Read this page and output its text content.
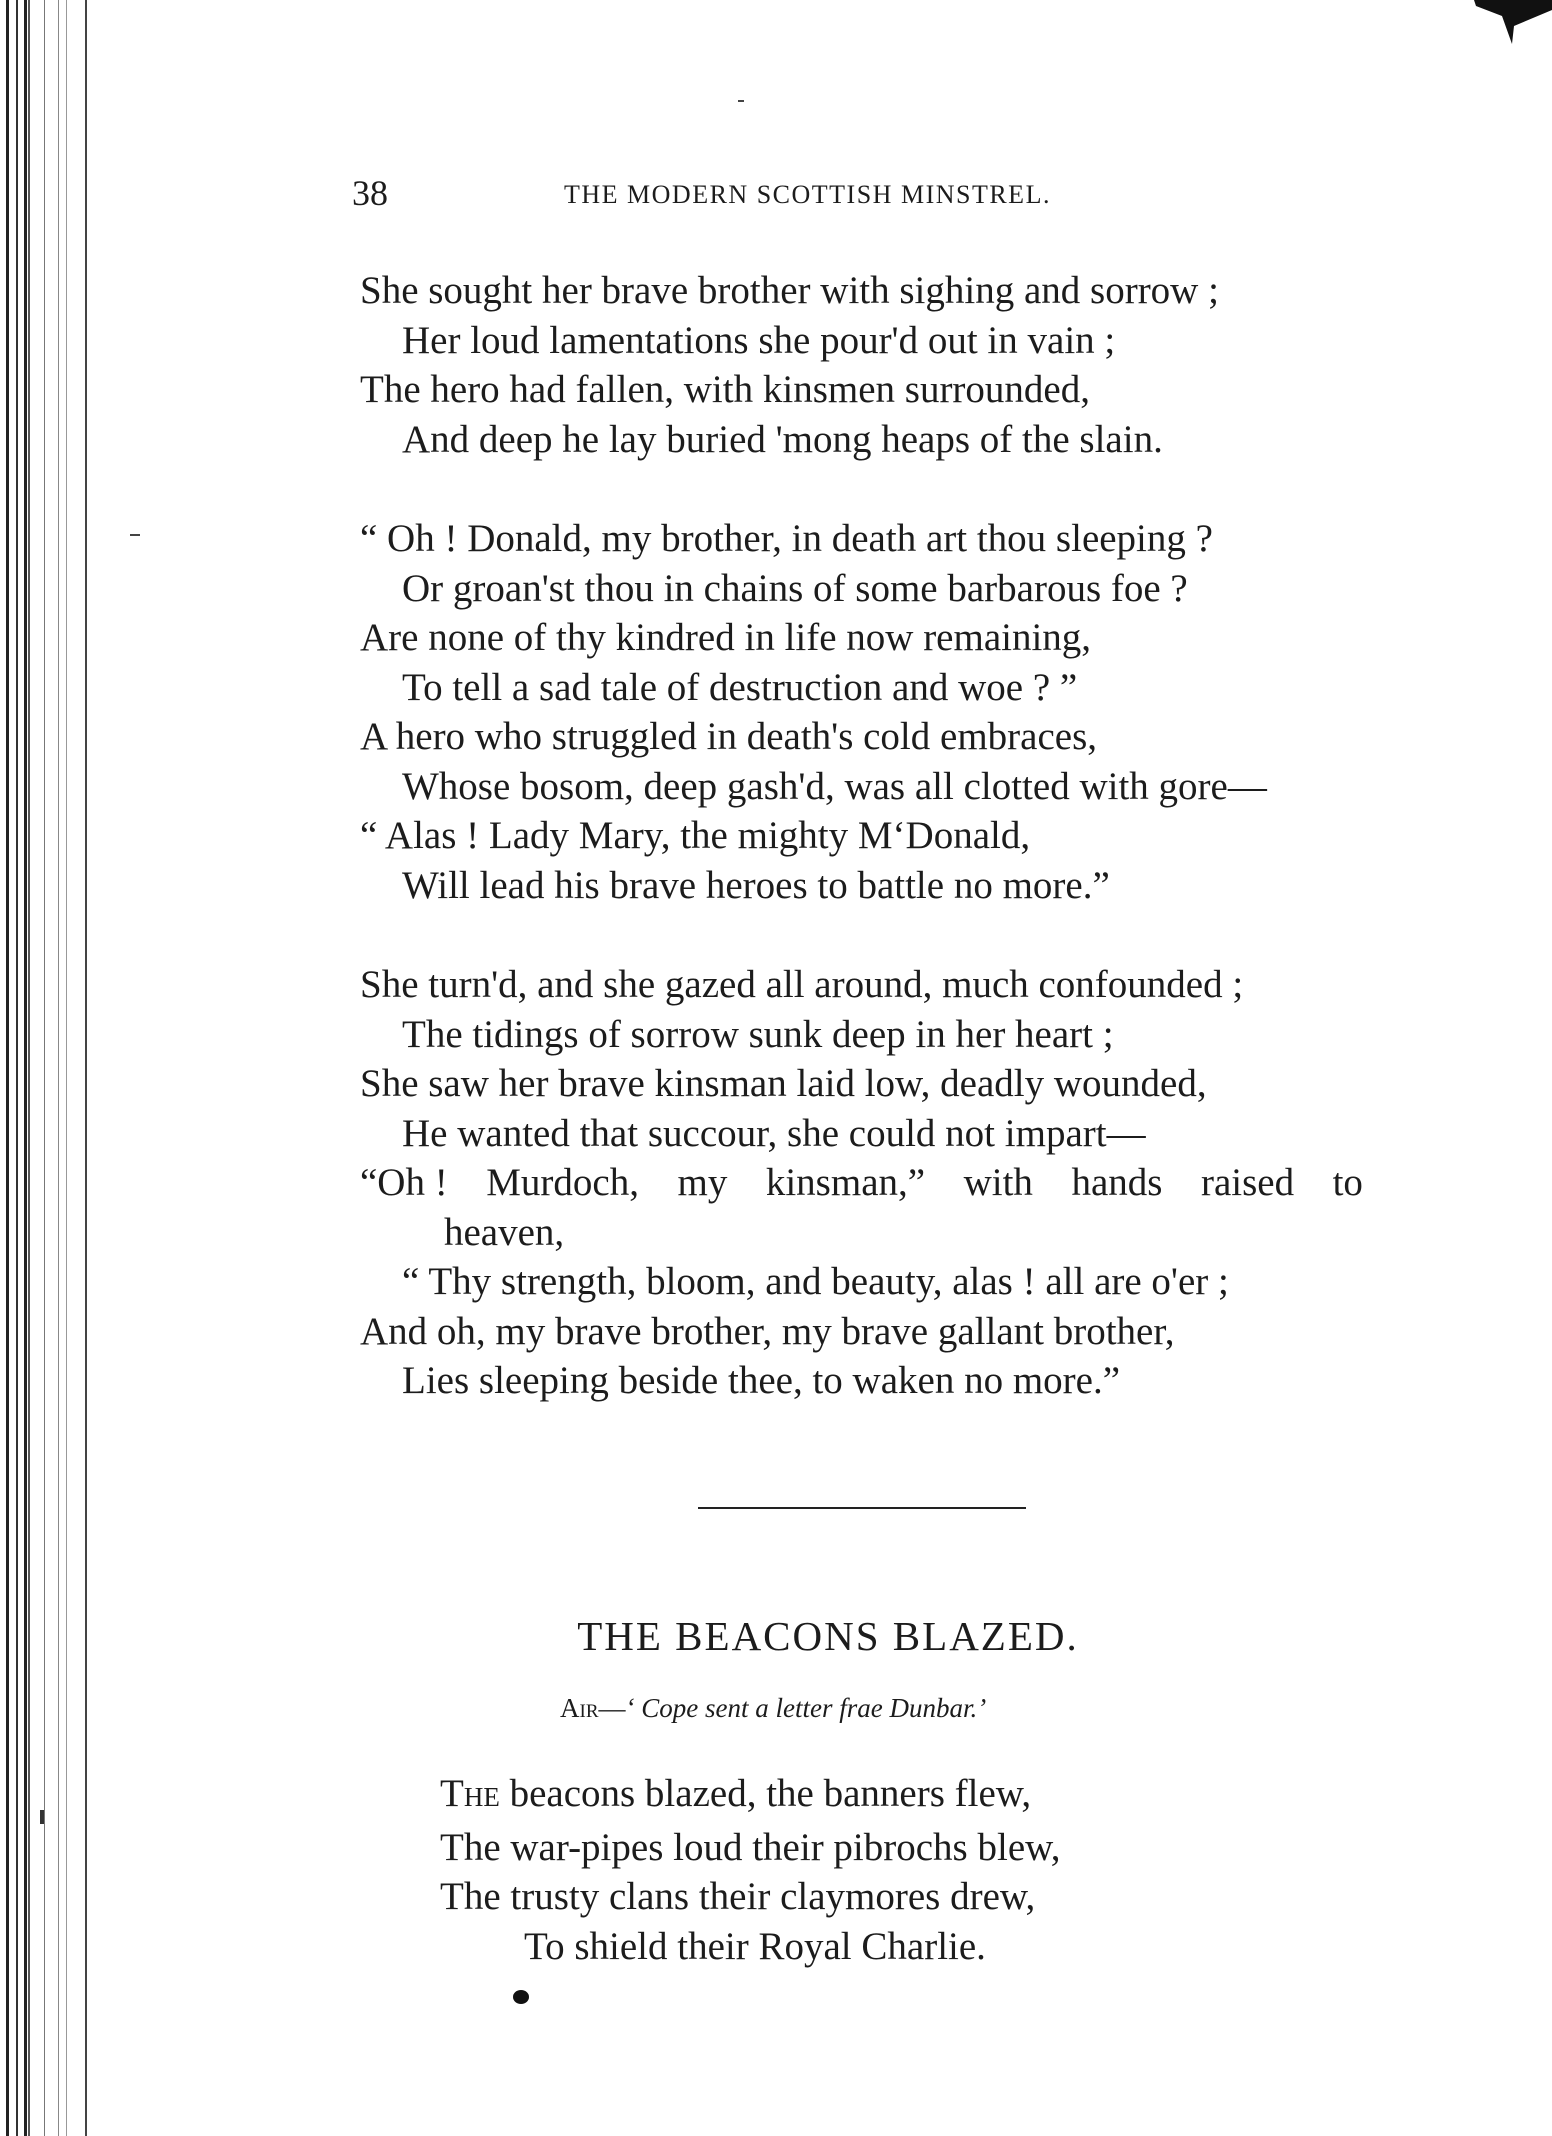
38	THE MODERN SCOTTISH MINSTREL.
She sought her brave brother with sighing and sorrow ;
Her loud lamentations she pour'd out in vain ;
The hero had fallen, with kinsmen surrounded,
And deep he lay buried 'mong heaps of the slain.
“ Oh ! Donald, my brother, in death art thou sleeping ?
Or groan'st thou in chains of some barbarous foe ?
Are none of thy kindred in life now remaining,
To tell a sad tale of destruction and woe ? ”
A hero who struggled in death's cold embraces,
Whose bosom, deep gash'd, was all clotted with gore—
“ Alas ! Lady Mary, the mighty M‘Donald,
Will lead his brave heroes to battle no more.”
She turn'd, and she gazed all around, much confounded ;
The tidings of sorrow sunk deep in her heart ;
She saw her brave kinsman laid low, deadly wounded,
He wanted that succour, she could not impart—
“Oh ! Murdoch, my kinsman,” with hands raised to
heaven,
“ Thy strength, bloom, and beauty, alas ! all are o'er ;
And oh, my brave brother, my brave gallant brother,
Lies sleeping beside thee, to waken no more.”
THE BEACONS BLAZED.
AIR—‘ Cope sent a letter frae Dunbar.’
THE beacons blazed, the banners flew,
The war-pipes loud their pibrochs blew,
The trusty clans their claymores drew,
To shield their Royal Charlie.
